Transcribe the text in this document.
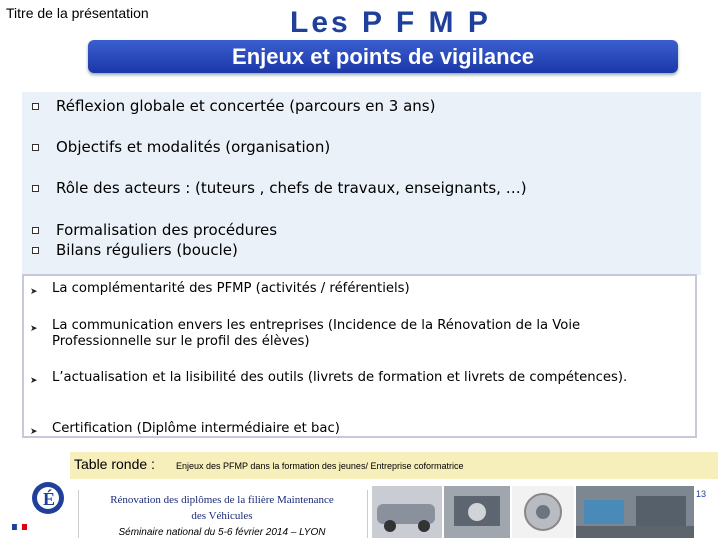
Titre de la présentation	Les P F M P
Enjeux et points de vigilance
Réflexion globale et concertée (parcours en 3 ans)
Objectifs et modalités (organisation)
Rôle des acteurs : (tuteurs , chefs de travaux, enseignants, …)
Formalisation des procédures
Bilans réguliers (boucle)
➤	La complémentarité des PFMP (activités / référentiels)
➤	La communication envers les entreprises (Incidence de la Rénovation de la Voie Professionnelle sur le profil des élèves)
➤	L’actualisation et la lisibilité des outils (livrets de formation et livrets de compétences).
➤	Certification (Diplôme intermédiaire et bac)
Table ronde : Enjeux des PFMP dans la formation des jeunes/ Entreprise coformatrice
É	Rénovation des diplômes de la filière Maintenance
des Véhicules
Séminaire national du 5-6 février 2014 – LYON
13
